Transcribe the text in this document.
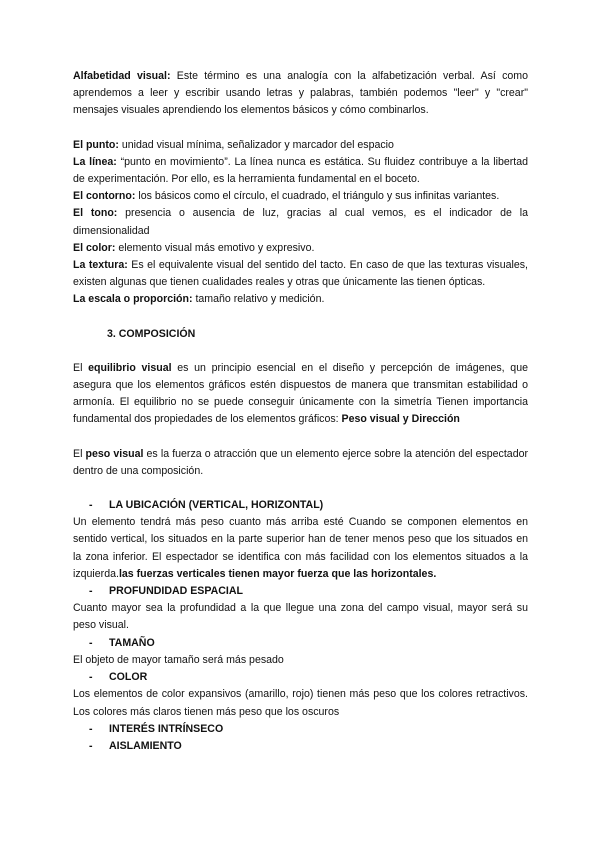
Alfabetidad visual: Este término es una analogía con la alfabetización verbal. Así como aprendemos a leer y escribir usando letras y palabras, también podemos "leer" y "crear" mensajes visuales aprendiendo los elementos básicos y cómo combinarlos.

El punto: unidad visual mínima, señalizador y marcador del espacio

La línea: “punto en movimiento”. La línea nunca es estática. Su fluidez contribuye a la libertad de experimentación. Por ello, es la herramienta fundamental en el boceto.

El contorno: los básicos como el círculo, el cuadrado, el triángulo y sus infinitas variantes.

El tono: presencia o ausencia de luz, gracias al cual vemos, es el indicador de la dimensionalidad

El color: elemento visual más emotivo y expresivo.

La textura: Es el equivalente visual del sentido del tacto. En caso de que las texturas visuales, existen algunas que tienen cualidades reales y otras que únicamente las tienen ópticas.

La escala o proporción: tamaño relativo y medición.

3. COMPOSICIÓN

El equilibrio visual es un principio esencial en el diseño y percepción de imágenes, que asegura que los elementos gráficos estén dispuestos de manera que transmitan estabilidad o armonía. El equilibrio no se puede conseguir únicamente con la simetría Tienen importancia fundamental dos propiedades de los elementos gráficos: Peso visual y Dirección

El peso visual es la fuerza o atracción que un elemento ejerce sobre la atención del espectador dentro de una composición.

-	LA UBICACIÓN (VERTICAL, HORIZONTAL)

Un elemento tendrá más peso cuanto más arriba esté Cuando se componen elementos en sentido vertical, los situados en la parte superior han de tener menos peso que los situados en la zona inferior. El espectador se identifica con más facilidad con los elementos situados a la izquierda.las fuerzas verticales tienen mayor fuerza que las horizontales.

-	PROFUNDIDAD ESPACIAL

Cuanto mayor sea la profundidad a la que llegue una zona del campo visual, mayor será su peso visual.

-	TAMAÑO

El objeto de mayor tamaño será más pesado

-	COLOR

Los elementos de color expansivos (amarillo, rojo) tienen más peso que los colores retractivos. Los colores más claros tienen más peso que los oscuros

-	INTERÉS INTRÍNSECO
-	AISLAMIENTO
